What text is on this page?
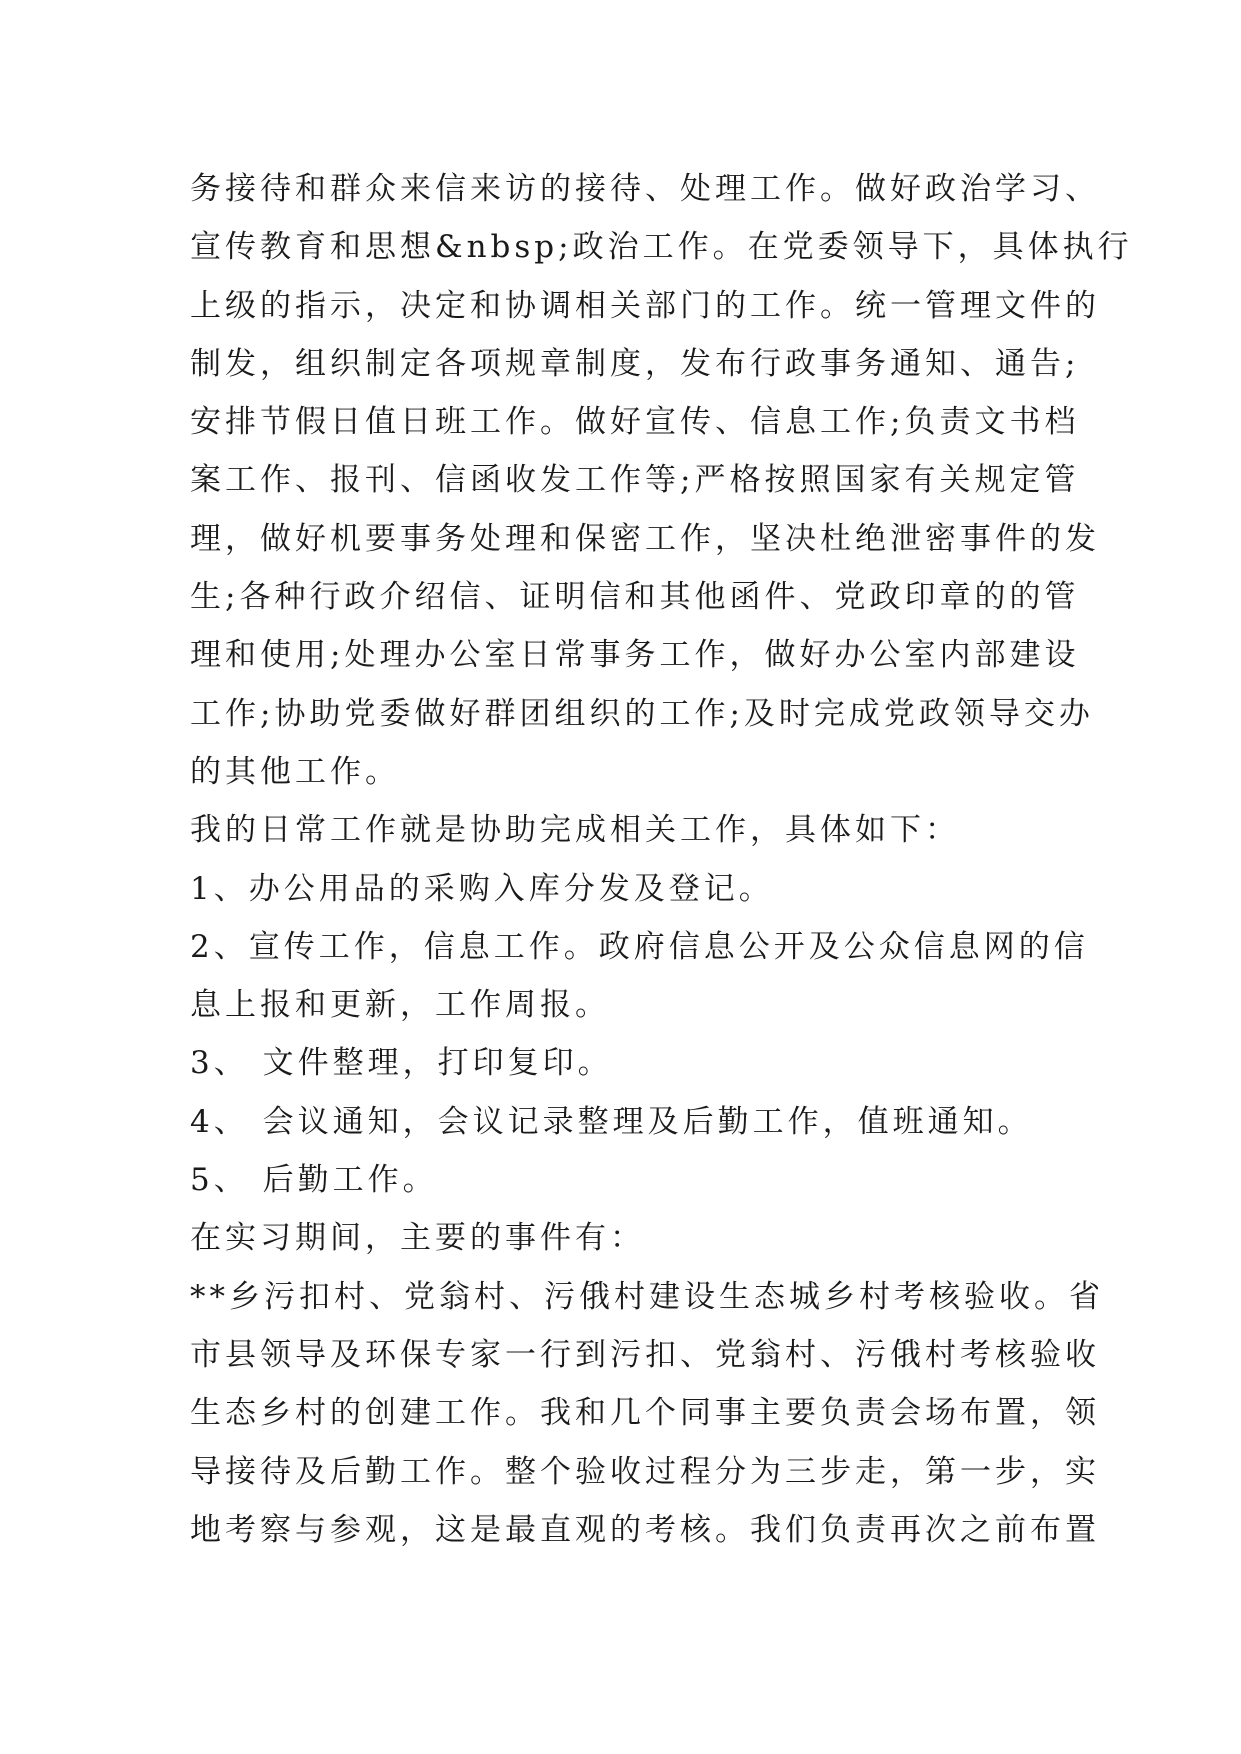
务接待和群众来信来访的接待、处理工作。做好政治学习、
宣传教育和思想&nbsp;政治工作。在党委领导下，具体执行
上级的指示，决定和协调相关部门的工作。统一管理文件的
制发，组织制定各项规章制度，发布行政事务通知、通告;
安排节假日值日班工作。做好宣传、信息工作;负责文书档
案工作、报刊、信函收发工作等;严格按照国家有关规定管
理，做好机要事务处理和保密工作，坚决杜绝泄密事件的发
生;各种行政介绍信、证明信和其他函件、党政印章的的管
理和使用;处理办公室日常事务工作，做好办公室内部建设
工作;协助党委做好群团组织的工作;及时完成党政领导交办
的其他工作。
我的日常工作就是协助完成相关工作，具体如下：
1、办公用品的采购入库分发及登记。
2、宣传工作，信息工作。政府信息公开及公众信息网的信
息上报和更新，工作周报。
3、 文件整理，打印复印。
4、 会议通知，会议记录整理及后勤工作，值班通知。
5、 后勤工作。
在实习期间，主要的事件有：
**乡污扣村、党翁村、污俄村建设生态城乡村考核验收。省
市县领导及环保专家一行到污扣、党翁村、污俄村考核验收
生态乡村的创建工作。我和几个同事主要负责会场布置，领
导接待及后勤工作。整个验收过程分为三步走，第一步，实
地考察与参观，这是最直观的考核。我们负责再次之前布置
